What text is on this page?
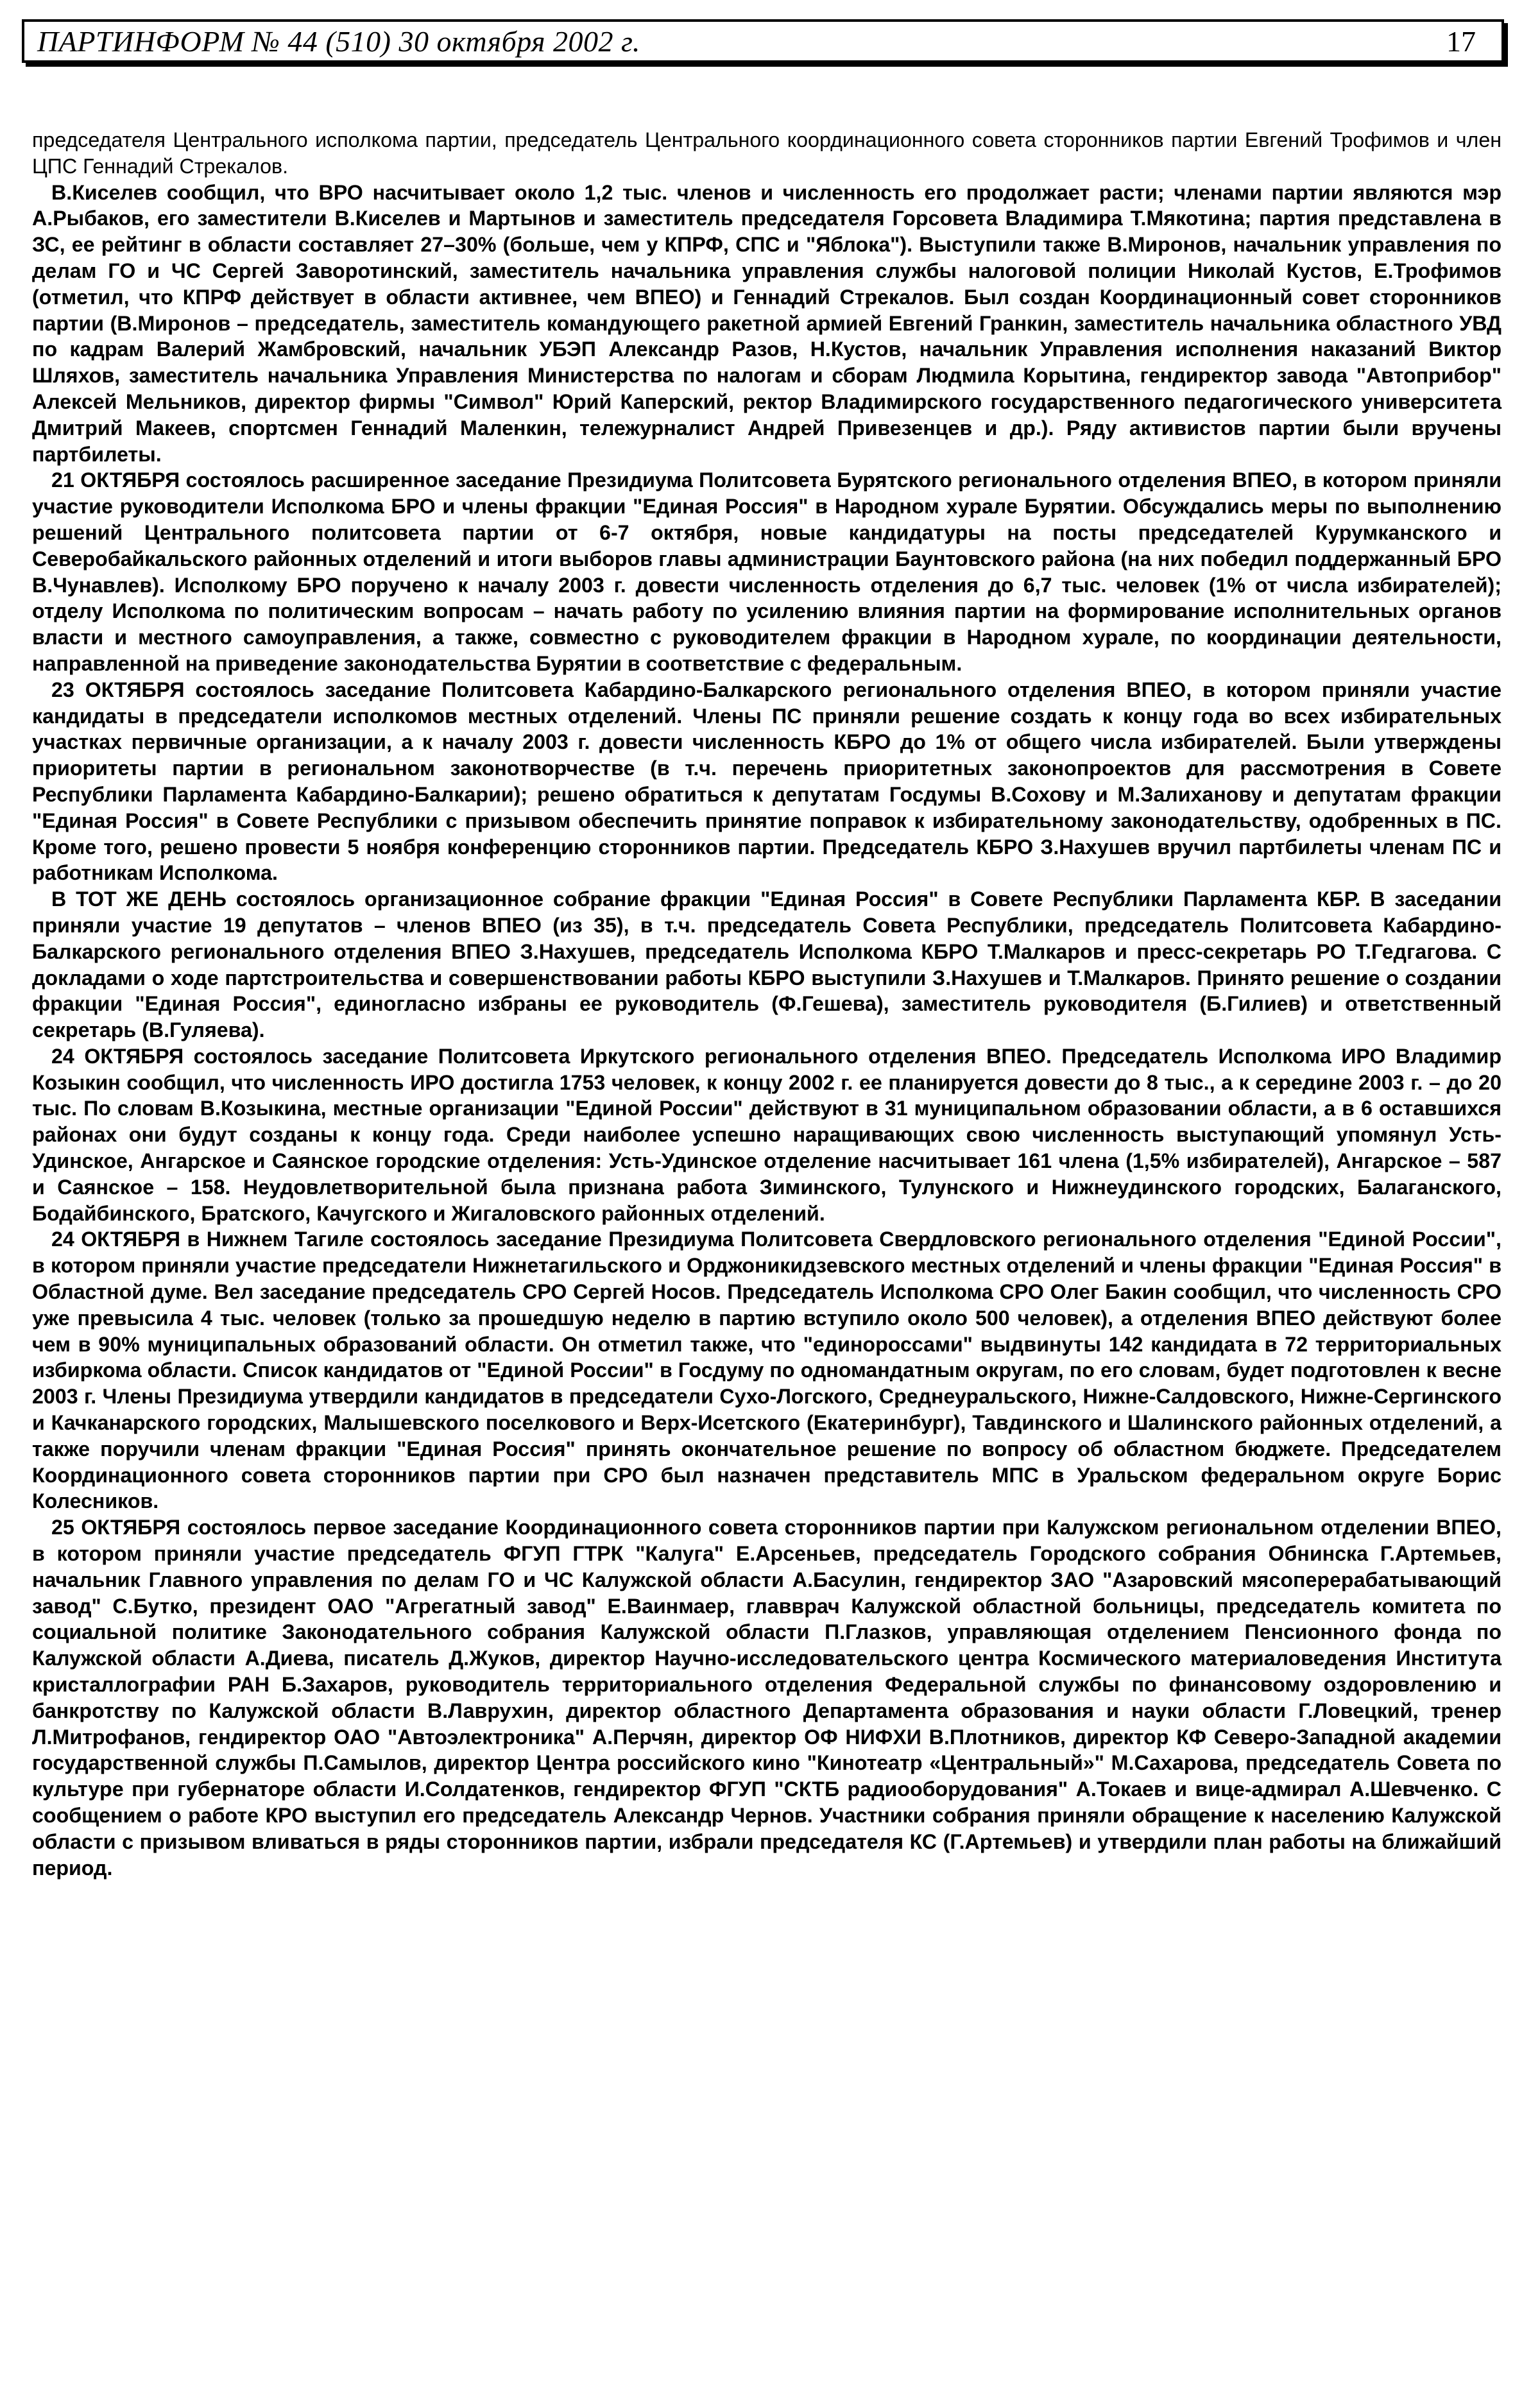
ПАРТИНФОРМ № 44 (510) 30 октября 2002 г.	17

председателя Центрального исполкома партии, председатель Центрального координационного совета сторонников партии Евгений Трофимов и член ЦПС Геннадий Стрекалов.

В.Киселев сообщил, что ВРО насчитывает около 1,2 тыс. членов и численность его продолжает расти; членами партии являются мэр А.Рыбаков, его заместители В.Киселев и Мартынов и заместитель председателя Горсовета Владимира Т.Мякотина; партия представлена в ЗС, ее рейтинг в области составляет 27–30% (больше, чем у КПРФ, СПС и "Яблока"). Выступили также В.Миронов, начальник управления по делам ГО и ЧС Сергей Заворотинский, заместитель начальника управления службы налоговой полиции Николай Кустов, Е.Трофимов (отметил, что КПРФ действует в области активнее, чем ВПЕО) и Геннадий Стрекалов. Был создан Координационный совет сторонников партии (В.Миронов – председатель, заместитель командующего ракетной армией Евгений Гранкин, заместитель начальника областного УВД по кадрам Валерий Жамбровский, начальник УБЭП Александр Разов, Н.Кустов, начальник Управления исполнения наказаний Виктор Шляхов, заместитель начальника Управления Министерства по налогам и сборам Людмила Корытина, гендиректор завода "Автоприбор" Алексей Мельников, директор фирмы "Символ" Юрий Каперский, ректор Владимирского государственного педагогического университета Дмитрий Макеев, спортсмен Геннадий Маленкин, тележурналист Андрей Привезенцев и др.). Ряду активистов партии были вручены партбилеты.

21 ОКТЯБРЯ состоялось расширенное заседание Президиума Политсовета Бурятского регионального отделения ВПЕО, в котором приняли участие руководители Исполкома БРО и члены фракции "Единая Россия" в Народном хурале Бурятии. Обсуждались меры по выполнению решений Центрального политсовета партии от 6-7 октября, новые кандидатуры на посты председателей Курумканского и Северобайкальского районных отделений и итоги выборов главы администрации Баунтовского района (на них победил поддержанный БРО В.Чунавлев). Исполкому БРО поручено к началу 2003 г. довести численность отделения до 6,7 тыс. человек (1% от числа избирателей); отделу Исполкома по политическим вопросам – начать работу по усилению влияния партии на формирование исполнительных органов власти и местного самоуправления, а также, совместно с руководителем фракции в Народном хурале, по координации деятельности, направленной на приведение законодательства Бурятии в соответствие с федеральным.

23 ОКТЯБРЯ состоялось заседание Политсовета Кабардино-Балкарского регионального отделения ВПЕО, в котором приняли участие кандидаты в председатели исполкомов местных отделений. Члены ПС приняли решение создать к концу года во всех избирательных участках первичные организации, а к началу 2003 г. довести численность КБРО до 1% от общего числа избирателей. Были утверждены приоритеты партии в региональном законотворчестве (в т.ч. перечень приоритетных законопроектов для рассмотрения в Совете Республики Парламента Кабардино-Балкарии); решено обратиться к депутатам Госдумы В.Сохову и М.Залиханову и депутатам фракции "Единая Россия" в Совете Республики с призывом обеспечить принятие поправок к избирательному законодательству, одобренных в ПС. Кроме того, решено провести 5 ноября конференцию сторонников партии. Председатель КБРО З.Нахушев вручил партбилеты членам ПС и работникам Исполкома.

В ТОТ ЖЕ ДЕНЬ состоялось организационное собрание фракции "Единая Россия" в Совете Республики Парламента КБР. В заседании приняли участие 19 депутатов – членов ВПЕО (из 35), в т.ч. председатель Совета Республики, председатель Политсовета Кабардино-Балкарского регионального отделения ВПЕО З.Нахушев, председатель Исполкома КБРО Т.Малкаров и пресс-секретарь РО Т.Гедгагова. С докладами о ходе партстроительства и совершенствовании работы КБРО выступили З.Нахушев и Т.Малкаров. Принято решение о создании фракции "Единая Россия", единогласно избраны ее руководитель (Ф.Гешева), заместитель руководителя (Б.Гилиев) и ответственный секретарь (В.Гуляева).

24 ОКТЯБРЯ состоялось заседание Политсовета Иркутского регионального отделения ВПЕО. Председатель Исполкома ИРО Владимир Козыкин сообщил, что численность ИРО достигла 1753 человек, к концу 2002 г. ее планируется довести до 8 тыс., а к середине 2003 г. – до 20 тыс. По словам В.Козыкина, местные организации "Единой России" действуют в 31 муниципальном образовании области, а в 6 оставшихся районах они будут созданы к концу года. Среди наиболее успешно наращивающих свою численность выступающий упомянул Усть-Удинское, Ангарское и Саянское городские отделения: Усть-Удинское отделение насчитывает 161 члена (1,5% избирателей), Ангарское – 587 и Саянское – 158. Неудовлетворительной была признана работа Зиминского, Тулунского и Нижнеудинского городских, Балаганского, Бодайбинского, Братского, Качугского и Жигаловского районных отделений.

24 ОКТЯБРЯ в Нижнем Тагиле состоялось заседание Президиума Политсовета Свердловского регионального отделения "Единой России", в котором приняли участие председатели Нижнетагильского и Орджоникидзевского местных отделений и члены фракции "Единая Россия" в Областной думе. Вел заседание председатель СРО Сергей Носов. Председатель Исполкома СРО Олег Бакин сообщил, что численность СРО уже превысила 4 тыс. человек (только за прошедшую неделю в партию вступило около 500 человек), а отделения ВПЕО действуют более чем в 90% муниципальных образований области. Он отметил также, что "единороссами" выдвинуты 142 кандидата в 72 территориальных избиркома области. Список кандидатов от "Единой России" в Госдуму по одномандатным округам, по его словам, будет подготовлен к весне 2003 г. Члены Президиума утвердили кандидатов в председатели Сухо-Логского, Среднеуральского, Нижне-Салдовского, Нижне-Сергинского и Качканарского городских, Малышевского поселкового и Верх-Исетского (Екатеринбург), Тавдинского и Шалинского районных отделений, а также поручили членам фракции "Единая Россия" принять окончательное решение по вопросу об областном бюджете. Председателем Координационного совета сторонников партии при СРО был назначен представитель МПС в Уральском федеральном округе Борис Колесников.

25 ОКТЯБРЯ состоялось первое заседание Координационного совета сторонников партии при Калужском региональном отделении ВПЕО, в котором приняли участие председатель ФГУП ГТРК "Калуга" Е.Арсеньев, председатель Городского собрания Обнинска Г.Артемьев, начальник Главного управления по делам ГО и ЧС Калужской области А.Басулин, гендиректор ЗАО "Азаровский мясоперерабатывающий завод" С.Бутко, президент ОАО "Агрегатный завод" Е.Ваинмаер, главврач Калужской областной больницы, председатель комитета по социальной политике Законодательного собрания Калужской области П.Глазков, управляющая отделением Пенсионного фонда по Калужской области А.Диева, писатель Д.Жуков, директор Научно-исследовательского центра Космического материаловедения Института кристаллографии РАН Б.Захаров, руководитель территориального отделения Федеральной службы по финансовому оздоровлению и банкротству по Калужской области В.Лаврухин, директор областного Департамента образования и науки области Г.Ловецкий, тренер Л.Митрофанов, гендиректор ОАО "Автоэлектроника" А.Перчян, директор ОФ НИФХИ В.Плотников, директор КФ Северо-Западной академии государственной службы П.Самылов, директор Центра российского кино "Кинотеатр «Центральный»" М.Сахарова, председатель Совета по культуре при губернаторе области И.Солдатенков, гендиректор ФГУП "СКТБ радиооборудования" А.Токаев и вице-адмирал А.Шевченко. С сообщением о работе КРО выступил его председатель Александр Чернов. Участники собрания приняли обращение к населению Калужской области с призывом вливаться в ряды сторонников партии, избрали председателя КС (Г.Артемьев) и утвердили план работы на ближайший период.
